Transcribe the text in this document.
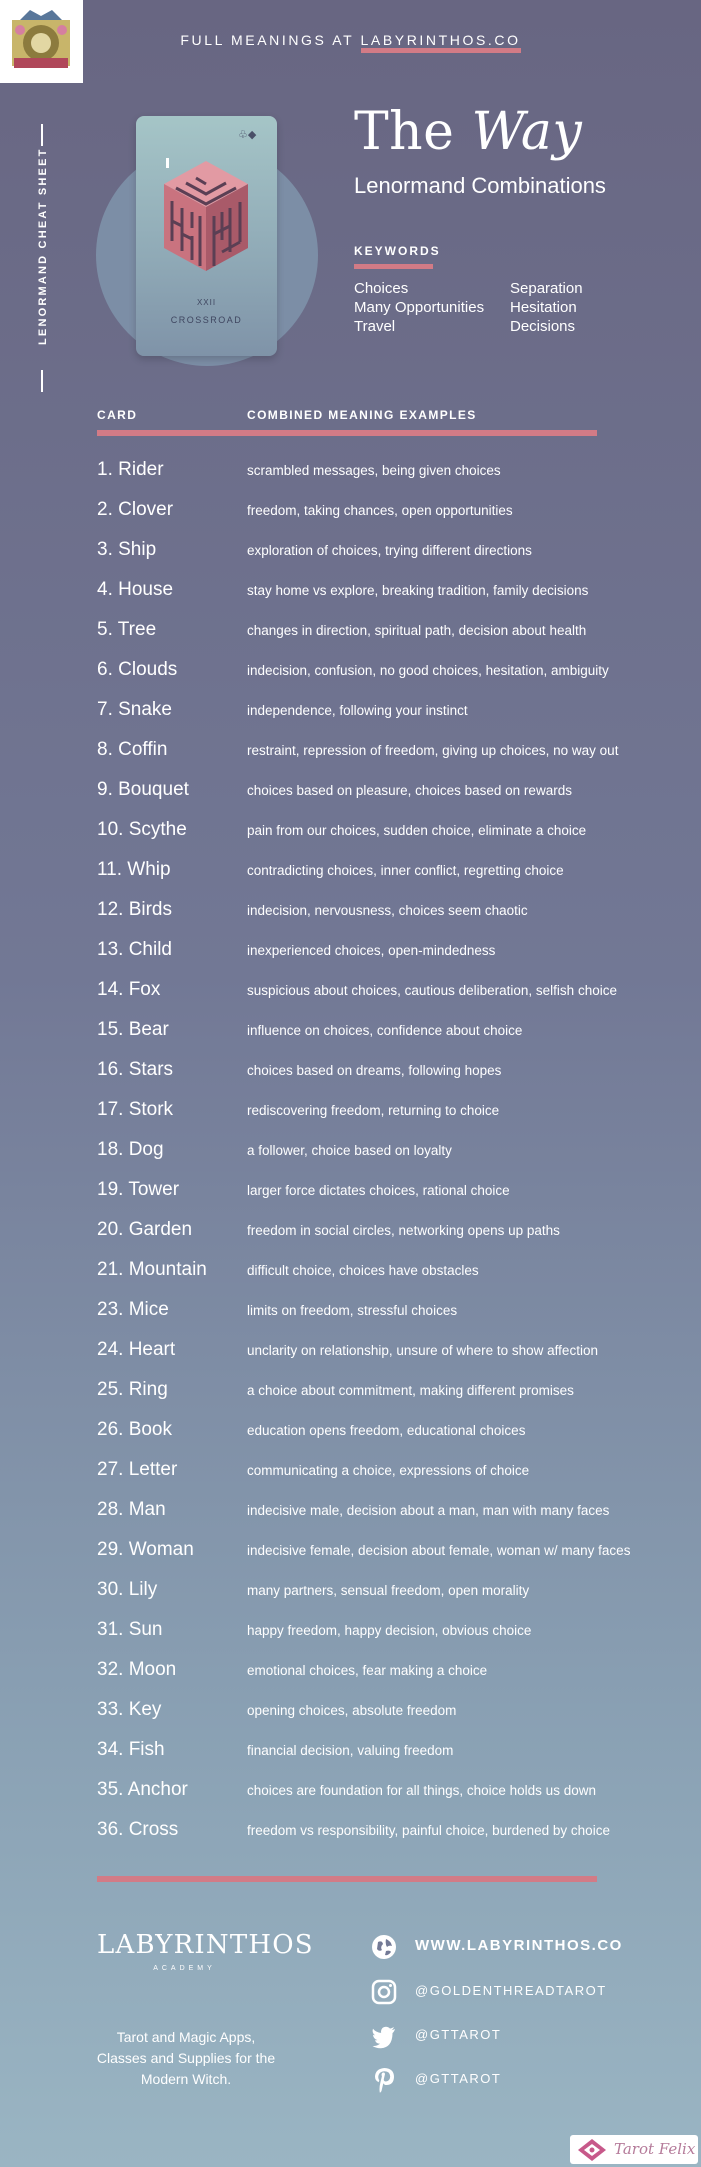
FULL MEANINGS AT LABYRINTHOS.CO
LENORMAND CHEAT SHEET
♧◆
XXII
CROSSROAD
The Way
Lenormand Combinations
KEYWORDS
Choices
Many Opportunities
Travel
Separation
Hesitation
Decisions
CARD	COMBINED MEANING EXAMPLES
1. Rider	scrambled messages, being given choices
2. Clover	freedom, taking chances, open opportunities
3. Ship	exploration of choices, trying different directions
4. House	stay home vs explore, breaking tradition, family decisions
5. Tree	changes in direction, spiritual path, decision about health
6. Clouds	indecision, confusion, no good choices, hesitation, ambiguity
7. Snake	independence, following your instinct
8. Coffin	restraint, repression of freedom, giving up choices, no way out
9. Bouquet	choices based on pleasure, choices based on rewards
10. Scythe	pain from our choices, sudden choice, eliminate a choice
11. Whip	contradicting choices, inner conflict, regretting choice
12. Birds	indecision, nervousness, choices seem chaotic
13. Child	inexperienced choices, open-mindedness
14. Fox	suspicious about choices, cautious deliberation, selfish choice
15. Bear	influence on choices, confidence about choice
16. Stars	choices based on dreams, following hopes
17. Stork	rediscovering freedom, returning to choice
18. Dog	a follower, choice based on loyalty
19. Tower	larger force dictates choices, rational choice
20. Garden	freedom in social circles, networking opens up paths
21. Mountain	difficult choice, choices have obstacles
23. Mice	limits on freedom, stressful choices
24. Heart	unclarity on relationship, unsure of where to show affection
25. Ring	a choice about commitment, making different promises
26. Book	education opens freedom, educational choices
27. Letter	communicating a choice, expressions of choice
28. Man	indecisive male, decision about a man, man with many faces
29. Woman	indecisive female, decision about female, woman w/ many faces
30. Lily	many partners, sensual freedom, open morality
31. Sun	happy freedom, happy decision, obvious choice
32. Moon	emotional choices, fear making a choice
33. Key	opening choices, absolute freedom
34. Fish	financial decision, valuing freedom
35. Anchor	choices are foundation for all things, choice holds us down
36. Cross	freedom vs responsibility, painful choice, burdened by choice
LABYRINTHOS
ACADEMY
Tarot and Magic Apps,
Classes and Supplies for the
Modern Witch.
WWW.LABYRINTHOS.CO
@GOLDENTHREADTAROT
@GTTAROT
@GTTAROT
Tarot Felix
